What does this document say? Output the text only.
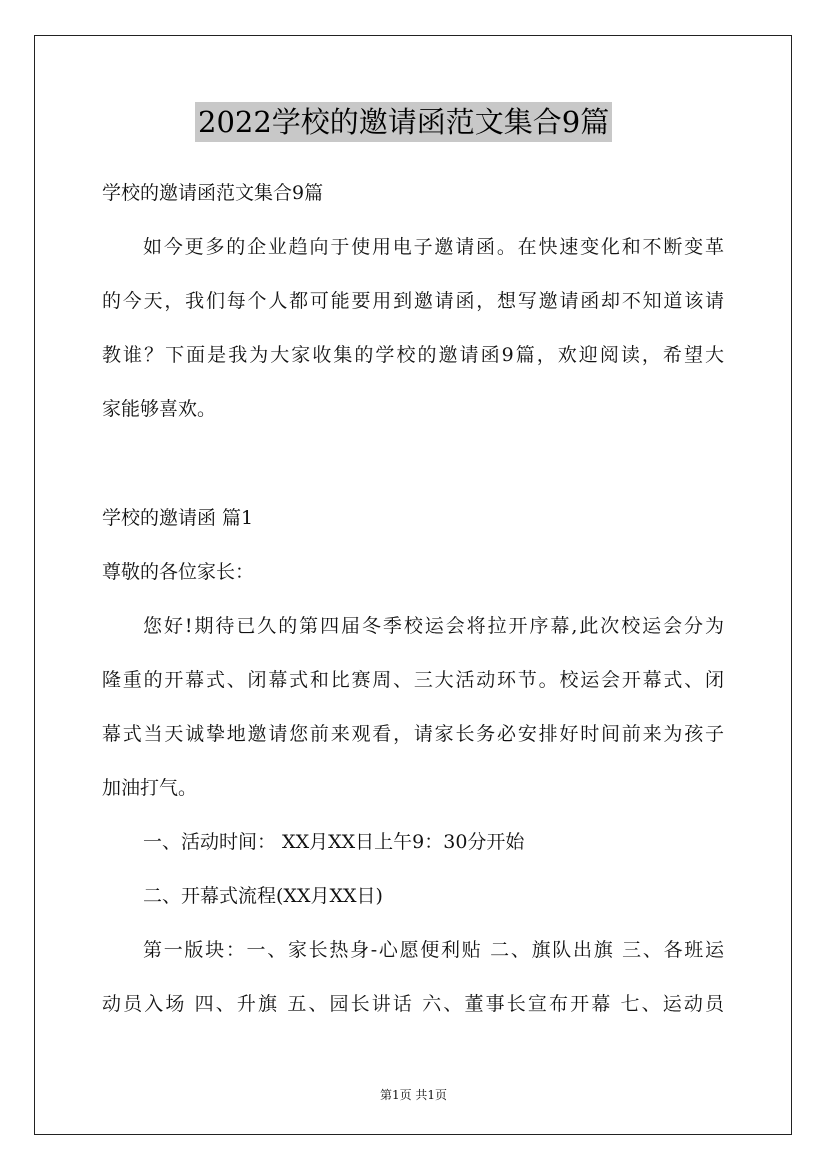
2022学校的邀请函范文集合9篇
学校的邀请函范文集合9篇
如今更多的企业趋向于使用电子邀请函。在快速变化和不断变革
的今天，我们每个人都可能要用到邀请函，想写邀请函却不知道该请
教谁？下面是我为大家收集的学校的邀请函9篇，欢迎阅读，希望大
家能够喜欢。
学校的邀请函 篇1
尊敬的各位家长：
您好!期待已久的第四届冬季校运会将拉开序幕,此次校运会分为
隆重的开幕式、闭幕式和比赛周、三大活动环节。校运会开幕式、闭
幕式当天诚挚地邀请您前来观看，请家长务必安排好时间前来为孩子
加油打气。
一、活动时间： XX月XX日上午9：30分开始
二、开幕式流程(XX月XX日)
第一版块：一、家长热身-心愿便利贴 二、旗队出旗 三、各班运
动员入场 四、升旗 五、园长讲话 六、董事长宣布开幕 七、运动员
第1页 共1页
